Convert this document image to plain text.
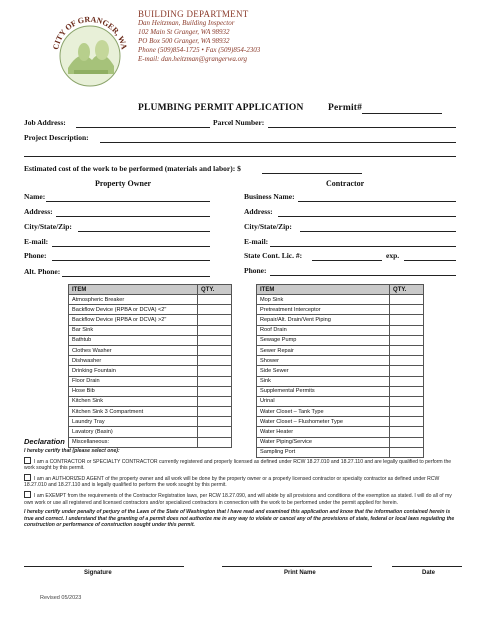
CITY OF GRANGER, WA
BUILDING DEPARTMENT
Dan Heitzman, Building Inspector
102 Main St Granger, WA 98932
PO Box 500 Granger, WA 98932
Phone (509)854-1725 • Fax (509)854-2303
E-mail: dan.heitzman@grangerwa.org
PLUMBING PERMIT APPLICATION	Permit#
Job Address:	Parcel Number:
Project Description:
Estimated cost of the work to be performed (materials and labor): $
Property Owner	Contractor
Name:
Address:
City/State/Zip:
E-mail:
Phone:
Alt. Phone:
Business Name:
Address:
City/State/Zip:
E-mail:
State Cont. Lic. #:	exp.
Phone:
ITEM	QTY.
Atmospheric Breaker	
Backflow Device (RPBA or DCVA) <2"	
Backflow Device (RPBA or DCVA) >2"	
Bar Sink	
Bathtub	
Clothes Washer	
Dishwasher	
Drinking Fountain	
Floor Drain	
Hose Bib	
Kitchen Sink	
Kitchen Sink 3 Compartment	
Laundry Tray	
Lavatory (Basin)	
Miscellaneous:	
ITEM	QTY.
Mop Sink	
Pretreatment Interceptor	
Repair/Alt. Drain/Vent Piping	
Roof Drain	
Sewage Pump	
Sewer Repair	
Shower	
Side Sewer	
Sink	
Supplemental Permits	
Urinal	
Water Closet – Tank Type	
Water Closet – Flushometer Type	
Water Heater	
Water Piping/Service	
Sampling Port	
Declaration
I hereby certify that (please select one):
I am a CONTRACTOR or SPECIALTY CONTRACTOR currently registered and properly licensed as defined under RCW 18.27.010 and 18.27.110 and are legally qualified to perform the work sought by this permit.
I am an AUTHORIZED AGENT of the property owner and all work will be done by the property owner or a properly licensed contractor or specialty contractor as defined under RCW 18.27.010 and 18.27.110 and is legally qualified to perform the work sought by this permit.
I am EXEMPT from the requirements of the Contractor Registration laws, per RCW 18.27.090, and will abide by all provisions and conditions of the exemption as stated. I will do all of my own work or use all registered and licensed contractors and/or specialized contractors in connection with the work to be performed under the permit applied for herein.
I hereby certify under penalty of perjury of the Laws of the State of Washington that I have read and examined this application and know that the information contained herein is true and correct. I understand that the granting of a permit does not authorize me in any way to violate or cancel any of the provisions of state, federal or local laws regulating the construction or performance of construction sought under this permit.
Signature	Print Name	Date
Revised 05/2023
